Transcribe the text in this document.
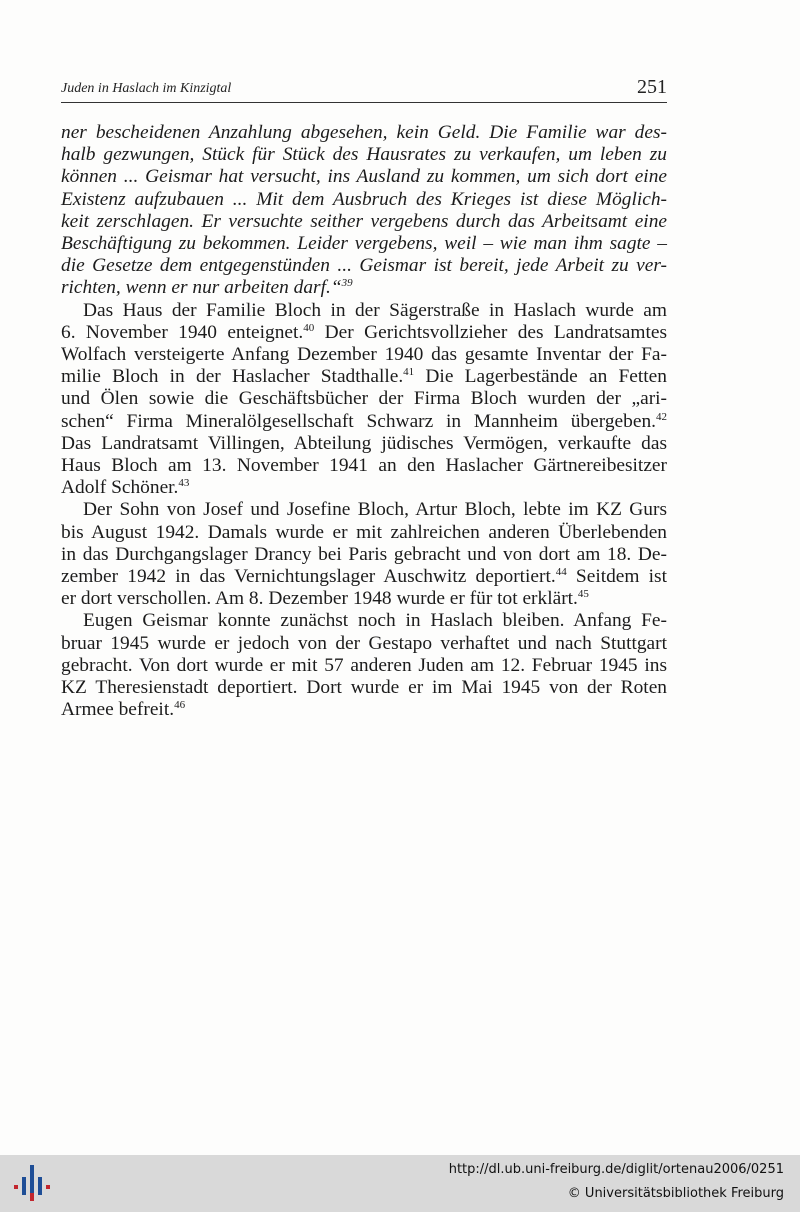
Juden in Haslach im Kinzigtal	251
ner bescheidenen Anzahlung abgesehen, kein Geld. Die Familie war des-
halb gezwungen, Stück für Stück des Hausrates zu verkaufen, um leben zu
können ... Geismar hat versucht, ins Ausland zu kommen, um sich dort eine
Existenz aufzubauen ... Mit dem Ausbruch des Krieges ist diese Möglich-
keit zerschlagen. Er versuchte seither vergebens durch das Arbeitsamt eine
Beschäftigung zu bekommen. Leider vergebens, weil – wie man ihm sagte –
die Gesetze dem entgegenstünden ... Geismar ist bereit, jede Arbeit zu ver-
richten, wenn er nur arbeiten darf.“$^{39}$
Das Haus der Familie Bloch in der Sägerstraße in Haslach wurde am
6. November 1940 enteignet.$^{40}$ Der Gerichtsvollzieher des Landratsamtes
Wolfach versteigerte Anfang Dezember 1940 das gesamte Inventar der Fa-
milie Bloch in der Haslacher Stadthalle.$^{41}$ Die Lagerbestände an Fetten
und Ölen sowie die Geschäftsbücher der Firma Bloch wurden der „ari-
schen“ Firma Mineralölgesellschaft Schwarz in Mannheim übergeben.$^{42}$
Das Landratsamt Villingen, Abteilung jüdisches Vermögen, verkaufte das
Haus Bloch am 13. November 1941 an den Haslacher Gärtnereibesitzer
Adolf Schöner.$^{43}$
Der Sohn von Josef und Josefine Bloch, Artur Bloch, lebte im KZ Gurs
bis August 1942. Damals wurde er mit zahlreichen anderen Überlebenden
in das Durchgangslager Drancy bei Paris gebracht und von dort am 18. De-
zember 1942 in das Vernichtungslager Auschwitz deportiert.$^{44}$ Seitdem ist
er dort verschollen. Am 8. Dezember 1948 wurde er für tot erklärt.$^{45}$
Eugen Geismar konnte zunächst noch in Haslach bleiben. Anfang Fe-
bruar 1945 wurde er jedoch von der Gestapo verhaftet und nach Stuttgart
gebracht. Von dort wurde er mit 57 anderen Juden am 12. Februar 1945 ins
KZ Theresienstadt deportiert. Dort wurde er im Mai 1945 von der Roten
Armee befreit.$^{46}$
http://dl.ub.uni-freiburg.de/diglit/ortenau2006/0251
© Universitätsbibliothek Freiburg
